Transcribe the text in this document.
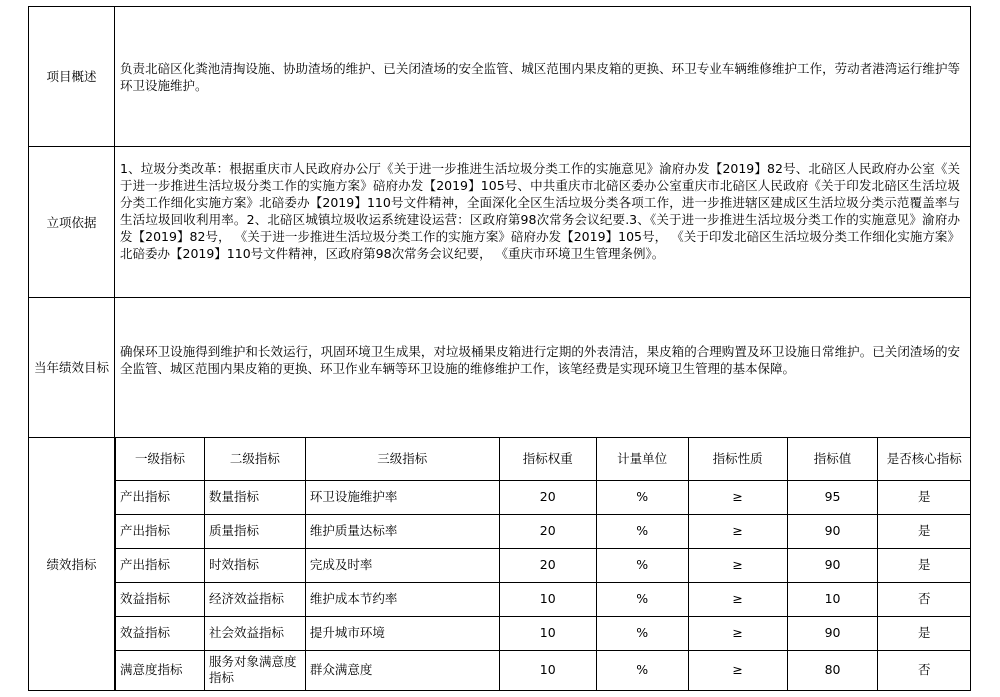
项目概述
负责北碚区化粪池清掏设施、协助渣场的维护、已关闭渣场的安全监管、城区范围内果皮箱的更换、环卫专业车辆维修维护工作，劳动者港湾运行维护等环卫设施维护。
立项依据
1、垃圾分类改革：根据重庆市人民政府办公厅《关于进一步推进生活垃圾分类工作的实施意见》渝府办发【2019】82号、北碚区人民政府办公室《关于进一步推进生活垃圾分类工作的实施方案》碚府办发【2019】105号、中共重庆市北碚区委办公室重庆市北碚区人民政府《关于印发北碚区生活垃圾分类工作细化实施方案》北碚委办【2019】110号文件精神，全面深化全区生活垃圾分类各项工作，进一步推进辖区建成区生活垃圾分类示范覆盖率与生活垃圾回收利用率。2、北碚区城镇垃圾收运系统建设运营：区政府第98次常务会议纪要.3、《关于进一步推进生活垃圾分类工作的实施意见》渝府办发【2019】82号， 《关于进一步推进生活垃圾分类工作的实施方案》碚府办发【2019】105号， 《关于印发北碚区生活垃圾分类工作细化实施方案》北碚委办【2019】110号文件精神，区政府第98次常务会议纪要， 《重庆市环境卫生管理条例》。
当年绩效目标
确保环卫设施得到维护和长效运行，巩固环境卫生成果，对垃圾桶果皮箱进行定期的外表清洁，果皮箱的合理购置及环卫设施日常维护。已关闭渣场的安全监管、城区范围内果皮箱的更换、环卫作业车辆等环卫设施的维修维护工作，该笔经费是实现环境卫生管理的基本保障。
绩效指标
一级指标	二级指标	三级指标	指标权重	计量单位	指标性质	指标值	是否核心指标
产出指标	数量指标	环卫设施维护率	20	%	≥	95	是
产出指标	质量指标	维护质量达标率	20	%	≥	90	是
产出指标	时效指标	完成及时率	20	%	≥	90	是
效益指标	经济效益指标	维护成本节约率	10	%	≥	10	否
效益指标	社会效益指标	提升城市环境	10	%	≥	90	是
满意度指标	服务对象满意度指标	群众满意度	10	%	≥	80	否
